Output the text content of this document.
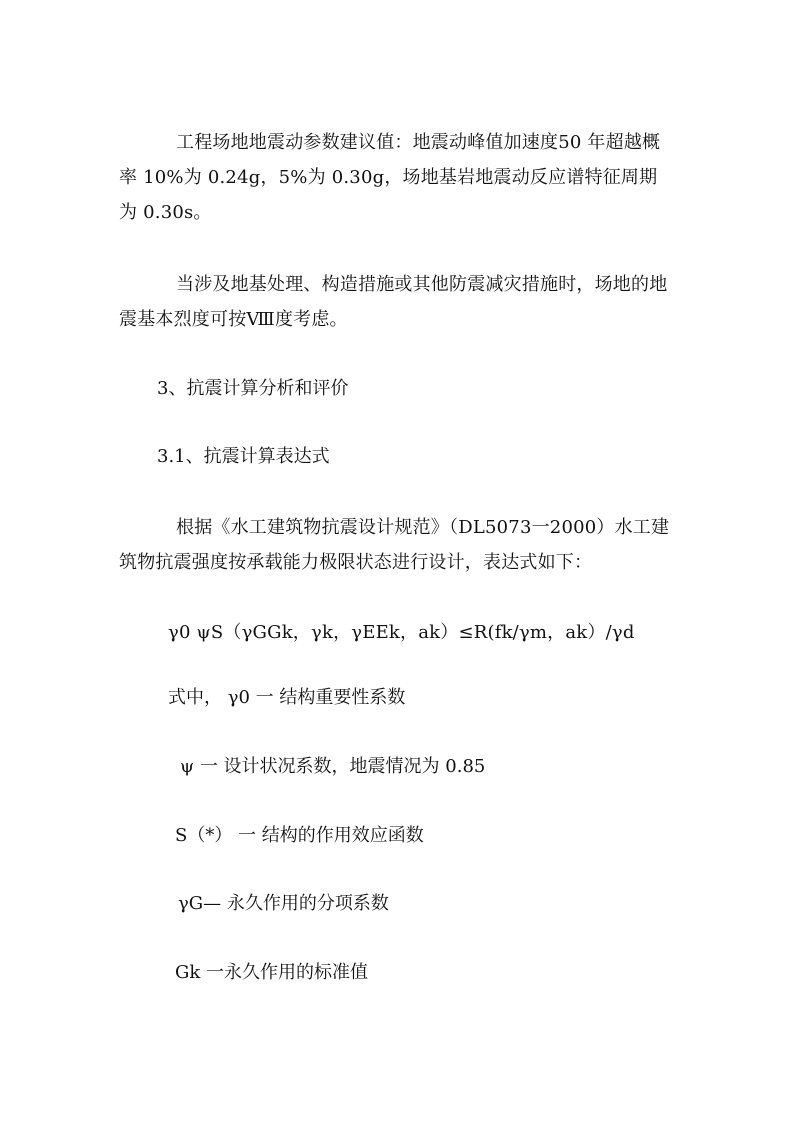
工程场地地震动参数建议值：地震动峰值加速度50 年超越概率 10%为 0.24g，5%为 0.30g，场地基岩地震动反应谱特征周期为 0.30s。

当涉及地基处理、构造措施或其他防震减灾措施时，场地的地震基本烈度可按Ⅷ度考虑。

3、抗震计算分析和评价
3.1、抗震计算表达式

根据《水工建筑物抗震设计规范》（DL5073一2000）水工建筑物抗震强度按承载能力极限状态进行设计，表达式如下：

γ0 ψS（γGGk，γk，γEEk，ak）≤R(fk/γm，ak）/γd
式中， γ0 一 结构重要性系数
ψ 一 设计状况系数，地震情况为 0.85
S（*） 一 结构的作用效应函数
γG— 永久作用的分项系数
Gk 一永久作用的标准值
